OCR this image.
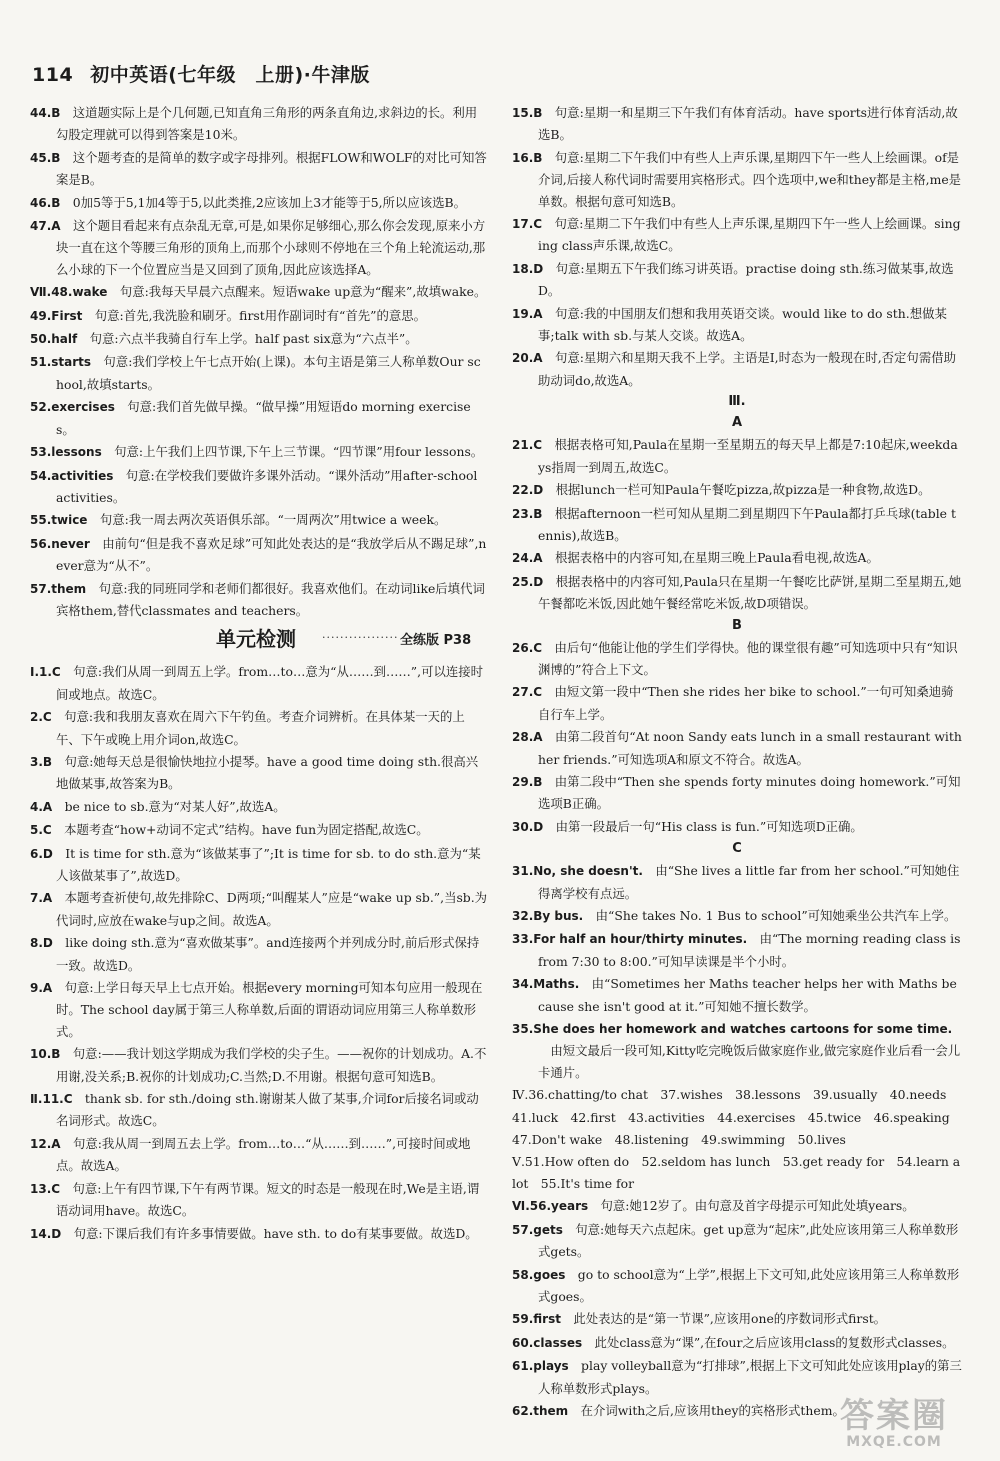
114 初中英语(七年级　上册)·牛津版
44.B  这道题实际上是个几何题,已知直角三角形的两条直角边,求斜边的长。利用勾股定理就可以得到答案是10米。
45.B  这个题考查的是简单的数字或字母排列。根据FLOW和WOLF的对比可知答案是B。
46.B  0加5等于5,1加4等于5,以此类推,2应该加上3才能等于5,所以应该选B。
47.A  这个题目看起来有点杂乱无章,可是,如果你足够细心,那么你会发现,原来小方块一直在这个等腰三角形的顶角上,而那个小球则不停地在三个角上轮流运动,那么小球的下一个位置应当是又回到了顶角,因此应该选择A。
Ⅶ.48.wake  句意:我每天早晨六点醒来。短语wake up意为“醒来”,故填wake。
49.First  句意:首先,我洗脸和刷牙。first用作副词时有“首先”的意思。
50.half  句意:六点半我骑自行车上学。half past six意为“六点半”。
51.starts  句意:我们学校上午七点开始(上课)。本句主语是第三人称单数Our school,故填starts。
52.exercises  句意:我们首先做早操。“做早操”用短语do morning exercises。
53.lessons  句意:上午我们上四节课,下午上三节课。“四节课”用four lessons。
54.activities  句意:在学校我们要做许多课外活动。“课外活动”用after-school activities。
55.twice  句意:我一周去两次英语俱乐部。“一周两次”用twice a week。
56.never  由前句“但是我不喜欢足球”可知此处表达的是“我放学后从不踢足球”,never意为“从不”。
57.them  句意:我的同班同学和老师们都很好。我喜欢他们。在动词like后填代词宾格them,替代classmates and teachers。
单元检测 ················· 全练版 P38
Ⅰ.1.C  句意:我们从周一到周五上学。from…to…意为“从……到……”,可以连接时间或地点。故选C。
2.C  句意:我和我朋友喜欢在周六下午钓鱼。考查介词辨析。在具体某一天的上午、下午或晚上用介词on,故选C。
3.B  句意:她每天总是很愉快地拉小提琴。have a good time doing sth.很高兴地做某事,故答案为B。
4.A  be nice to sb.意为“对某人好”,故选A。
5.C  本题考查“how+动词不定式”结构。have fun为固定搭配,故选C。
6.D  It is time for sth.意为“该做某事了”;It is time for sb. to do sth.意为“某人该做某事了”,故选D。
7.A  本题考查祈使句,故先排除C、D两项;“叫醒某人”应是“wake up sb.”,当sb.为代词时,应放在wake与up之间。故选A。
8.D  like doing sth.意为“喜欢做某事”。and连接两个并列成分时,前后形式保持一致。故选D。
9.A  句意:上学日每天早上七点开始。根据every morning可知本句应用一般现在时。The school day属于第三人称单数,后面的谓语动词应用第三人称单数形式。
10.B  句意:——我计划这学期成为我们学校的尖子生。——祝你的计划成功。A.不用谢,没关系;B.祝你的计划成功;C.当然;D.不用谢。根据句意可知选B。
Ⅱ.11.C  thank sb. for sth./doing sth.谢谢某人做了某事,介词for后接名词或动名词形式。故选C。
12.A  句意:我从周一到周五去上学。from…to…“从……到……”,可接时间或地点。故选A。
13.C  句意:上午有四节课,下午有两节课。短文的时态是一般现在时,We是主语,谓语动词用have。故选C。
14.D  句意:下课后我们有许多事情要做。have sth. to do有某事要做。故选D。
15.B  句意:星期一和星期三下午我们有体育活动。have sports进行体育活动,故选B。
16.B  句意:星期二下午我们中有些人上声乐课,星期四下午一些人上绘画课。of是介词,后接人称代词时需要用宾格形式。四个选项中,we和they都是主格,me是单数。根据句意可知选B。
17.C  句意:星期二下午我们中有些人上声乐课,星期四下午一些人上绘画课。singing class声乐课,故选C。
18.D  句意:星期五下午我们练习讲英语。practise doing sth.练习做某事,故选D。
19.A  句意:我的中国朋友们想和我用英语交谈。would like to do sth.想做某事;talk with sb.与某人交谈。故选A。
20.A  句意:星期六和星期天我不上学。主语是I,时态为一般现在时,否定句需借助助动词do,故选A。
Ⅲ.
A
21.C  根据表格可知,Paula在星期一至星期五的每天早上都是7:10起床,weekdays指周一到周五,故选C。
22.D  根据lunch一栏可知Paula午餐吃pizza,故pizza是一种食物,故选D。
23.B  根据afternoon一栏可知从星期二到星期四下午Paula都打乒乓球(table tennis),故选B。
24.A  根据表格中的内容可知,在星期三晚上Paula看电视,故选A。
25.D  根据表格中的内容可知,Paula只在星期一午餐吃比萨饼,星期二至星期五,她午餐都吃米饭,因此她午餐经常吃米饭,故D项错误。
B
26.C  由后句“他能让他的学生们学得快。他的课堂很有趣”可知选项中只有“知识渊博的”符合上下文。
27.C  由短文第一段中“Then she rides her bike to school.”一句可知桑迪骑自行车上学。
28.A  由第二段首句“At noon Sandy eats lunch in a small restaurant with her friends.”可知选项A和原文不符合。故选A。
29.B  由第二段中“Then she spends forty minutes doing homework.”可知选项B正确。
30.D  由第一段最后一句“His class is fun.”可知选项D正确。
C
31.No, she doesn't.  由“She lives a little far from her school.”可知她住得离学校有点远。
32.By bus.  由“She takes No. 1 Bus to school”可知她乘坐公共汽车上学。
33.For half an hour/thirty minutes.  由“The morning reading class is from 7:30 to 8:00.”可知早读课是半个小时。
34.Maths.  由“Sometimes her Maths teacher helps her with Maths because she isn't good at it.”可知她不擅长数学。
35.She does her homework and watches cartoons for some time. 由短文最后一段可知,Kitty吃完晚饭后做家庭作业,做完家庭作业后看一会儿卡通片。
Ⅳ.36.chatting/to chat　37.wishes　38.lessons　39.usually　40.needs
41.luck　42.first　43.activities　44.exercises　45.twice　46.speaking
47.Don't wake　48.listening　49.swimming　50.lives
Ⅴ.51.How often do　52.seldom has lunch　53.get ready for　54.learn a lot　55.It's time for
Ⅵ.56.years  句意:她12岁了。由句意及首字母提示可知此处填years。
57.gets  句意:她每天六点起床。get up意为“起床”,此处应该用第三人称单数形式gets。
58.goes  go to school意为“上学”,根据上下文可知,此处应该用第三人称单数形式goes。
59.first  此处表达的是“第一节课”,应该用one的序数词形式first。
60.classes  此处class意为“课”,在four之后应该用class的复数形式classes。
61.plays  play volleyball意为“打排球”,根据上下文可知此处应该用play的第三人称单数形式plays。
62.them  在介词with之后,应该用they的宾格形式them。
答案圈
MXQE.COM
